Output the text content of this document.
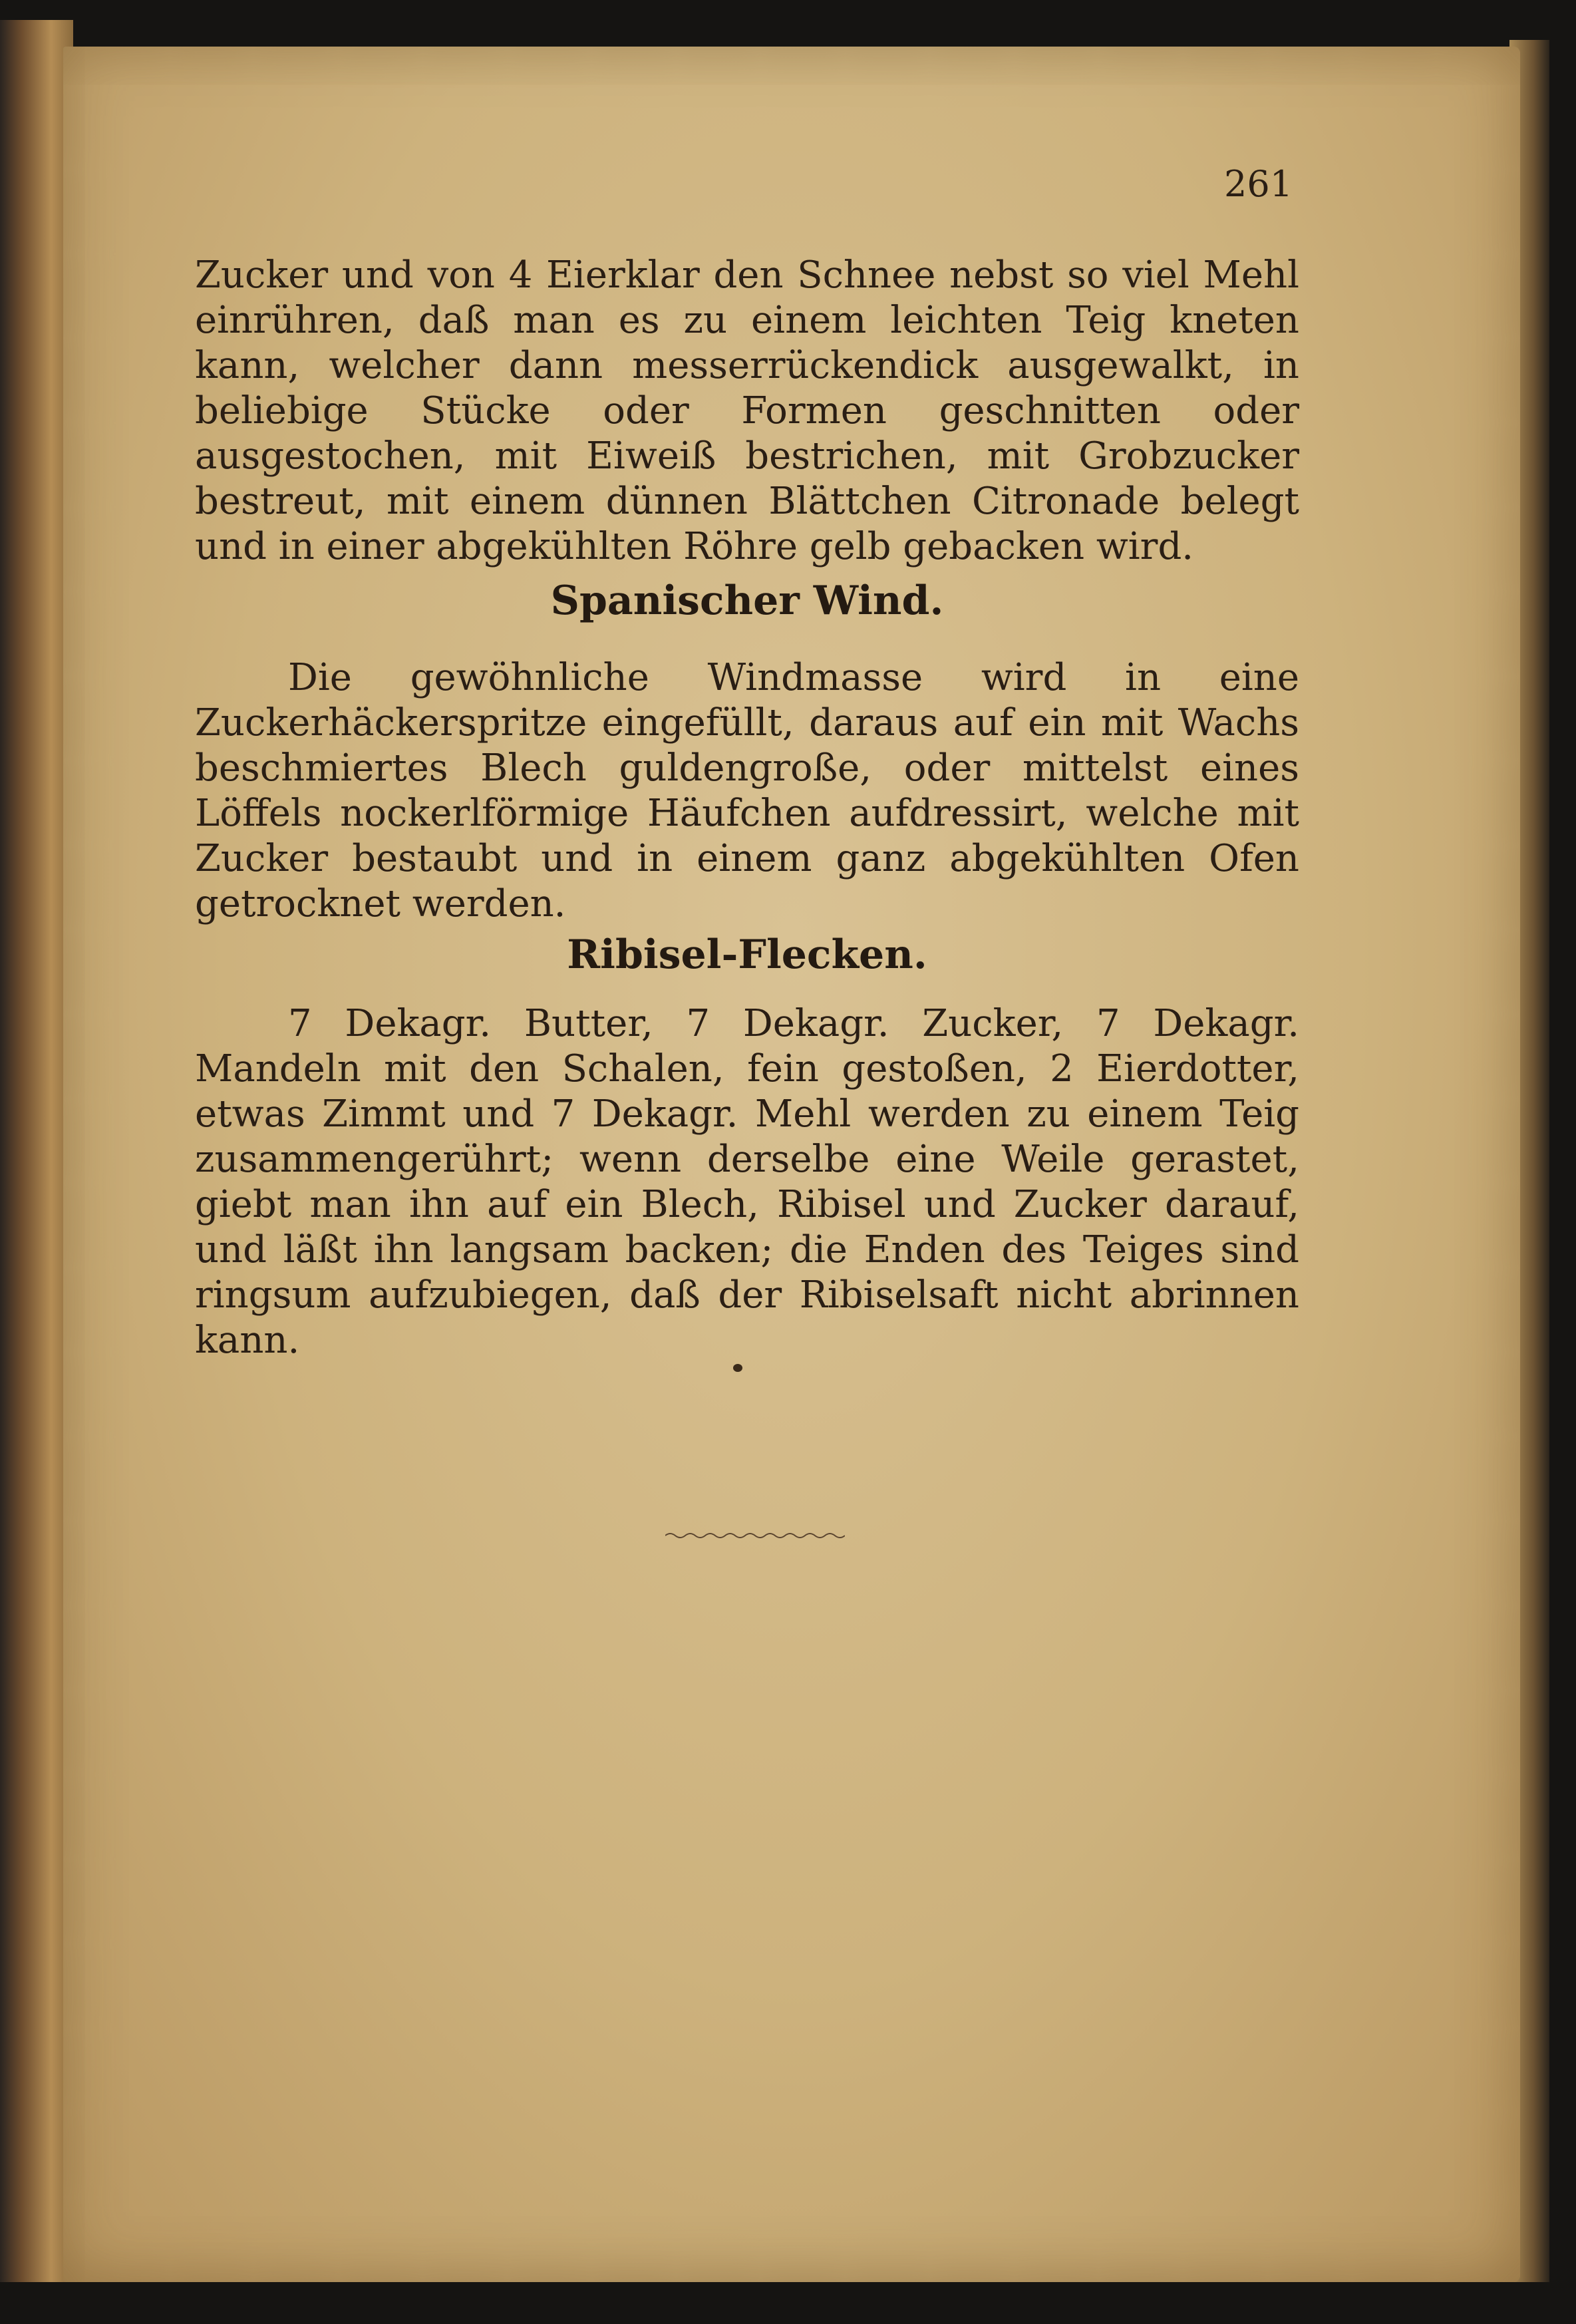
261
Zucker und von 4 Eierklar den Schnee nebst so viel Mehl einrühren, daß man es zu einem leichten Teig kneten kann, welcher dann messerrückendick ausgewalkt, in beliebige Stücke oder Formen geschnitten oder ausgestochen, mit Eiweiß bestrichen, mit Grobzucker bestreut, mit einem dünnen Blättchen Citronade belegt und in einer abgekühlten Röhre gelb gebacken wird.
Spanischer Wind.
Die gewöhnliche Windmasse wird in eine Zuckerhäckerspritze eingefüllt, daraus auf ein mit Wachs beschmiertes Blech guldengroße, oder mittelst eines Löffels nockerlförmige Häufchen aufdressirt, welche mit Zucker bestaubt und in einem ganz abgekühlten Ofen getrocknet werden.
Ribisel-Flecken.
7 Dekagr. Butter, 7 Dekagr. Zucker, 7 Dekagr. Mandeln mit den Schalen, fein gestoßen, 2 Eierdotter, etwas Zimmt und 7 Dekagr. Mehl werden zu einem Teig zusammengerührt; wenn derselbe eine Weile gerastet, giebt man ihn auf ein Blech, Ribisel und Zucker darauf, und läßt ihn langsam backen; die Enden des Teiges sind ringsum aufzubiegen, daß der Ribiselsaft nicht abrinnen kann.
